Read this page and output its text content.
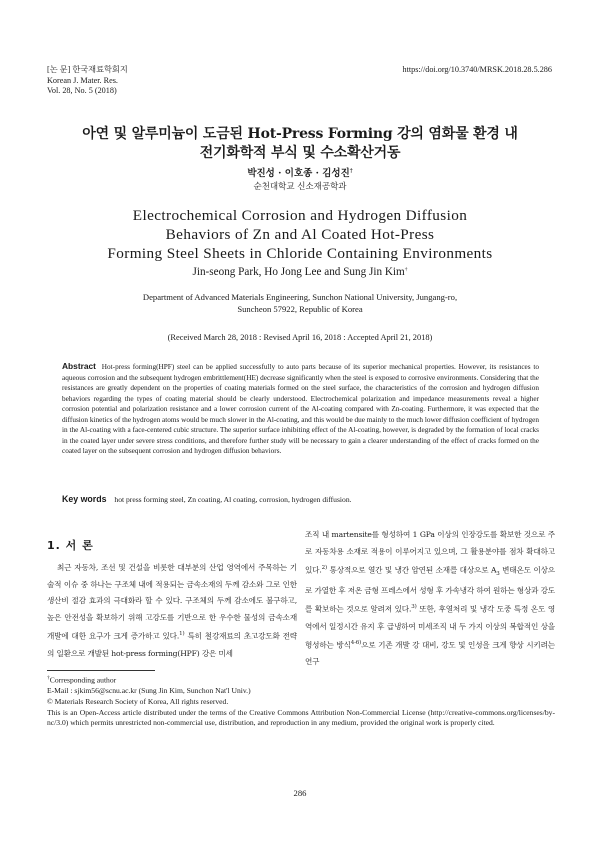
[논 문] 한국재료학회지
Korean J. Mater. Res.
Vol. 28, No. 5 (2018)
https://doi.org/10.3740/MRSK.2018.28.5.286
아연 및 알루미늄이 도금된 Hot-Press Forming 강의 염화물 환경 내
전기화학적 부식 및 수소확산거동
박진성 · 이호종 · 김성진†
순천대학교 신소재공학과
Electrochemical Corrosion and Hydrogen Diffusion
Behaviors of Zn and Al Coated Hot-Press
Forming Steel Sheets in Chloride Containing Environments
Jin-seong Park, Ho Jong Lee and Sung Jin Kim†
Department of Advanced Materials Engineering, Sunchon National University, Jungang-ro,
Suncheon 57922, Republic of Korea
(Received March 28, 2018 : Revised April 16, 2018 : Accepted April 21, 2018)
Abstract Hot-press forming(HPF) steel can be applied successfully to auto parts because of its superior mechanical properties. However, its resistances to aqueous corrosion and the subsequent hydrogen embrittlement(HE) decrease significantly when the steel is exposed to corrosive environments. Considering that the resistances are greatly dependent on the properties of coating materials formed on the steel surface, the characteristics of the corrosion and hydrogen diffusion behaviors regarding the types of coating material should be clearly understood. Electrochemical polarization and impedance measurements reveal a higher corrosion potential and polarization resistance and a lower corrosion current of the Al-coating compared with Zn-coating. Furthermore, it was expected that the diffusion kinetics of the hydrogen atoms would be much slower in the Al-coating, and this would be due mainly to the much lower diffusion coefficient of hydrogen in the Al-coating with a face-centered cubic structure. The superior surface inhibiting effect of the Al-coating, however, is degraded by the formation of local cracks in the coated layer under severe stress conditions, and therefore further study will be necessary to gain a clearer understanding of the effect of cracks formed on the coated layer on the subsequent corrosion and hydrogen diffusion behaviors.
Key words hot press forming steel, Zn coating, Al coating, corrosion, hydrogen diffusion.
1. 서 론
최근 자동차, 조선 및 건설을 비롯한 대부분의 산업 영역에서 주목하는 기술적 이슈 중 하나는 구조체 내에 적용되는 금속소재의 두께 감소와 그로 인한 생산비 절감 효과의 극대화라 할 수 있다. 구조체의 두께 감소에도 불구하고, 높은 안전성을 확보하기 위해 고강도를 기반으로 한 우수한 물성의 금속소재 개발에 대한 요구가 크게 증가하고 있다.$^{1)}$ 특히 철강재료의 초고강도화 전략의 일환으로 개발된 hot-press forming(HPF) 강은 미세
조직 내 martensite를 형성하여 1 GPa 이상의 인장강도를 확보한 것으로 주로 자동차용 소재로 적용이 이루어지고 있으며, 그 활용분야를 점차 확대하고 있다.$^{2)}$ 통상적으로 열간 및 냉간 압연된 소재를 대상으로 $A_3$ 변태온도 이상으로 가열한 후 저온 금형 프레스에서 성형 후 가속냉각 하여 원하는 형상과 강도를 확보하는 것으로 알려져 있다.$^{3)}$ 또한, 후열처리 및 냉각 도중 특정 온도 영역에서 일정시간 유지 후 급냉하여 미세조직 내 두 가지 이상의 복합적인 상을 형성하는 방식$^{4-6)}$으로 기존 개발 강 대비, 강도 및 인성을 크게 향상 시키려는 연구
†Corresponding author
E-Mail : sjkim56@scnu.ac.kr (Sung Jin Kim, Sunchon Nat'l Univ.)
© Materials Research Society of Korea, All rights reserved.
This is an Open-Access article distributed under the terms of the Creative Commons Attribution Non-Commercial License (http://creative-commons.org/licenses/by-nc/3.0) which permits unrestricted non-commercial use, distribution, and reproduction in any medium, provided the original work is properly cited.
286
